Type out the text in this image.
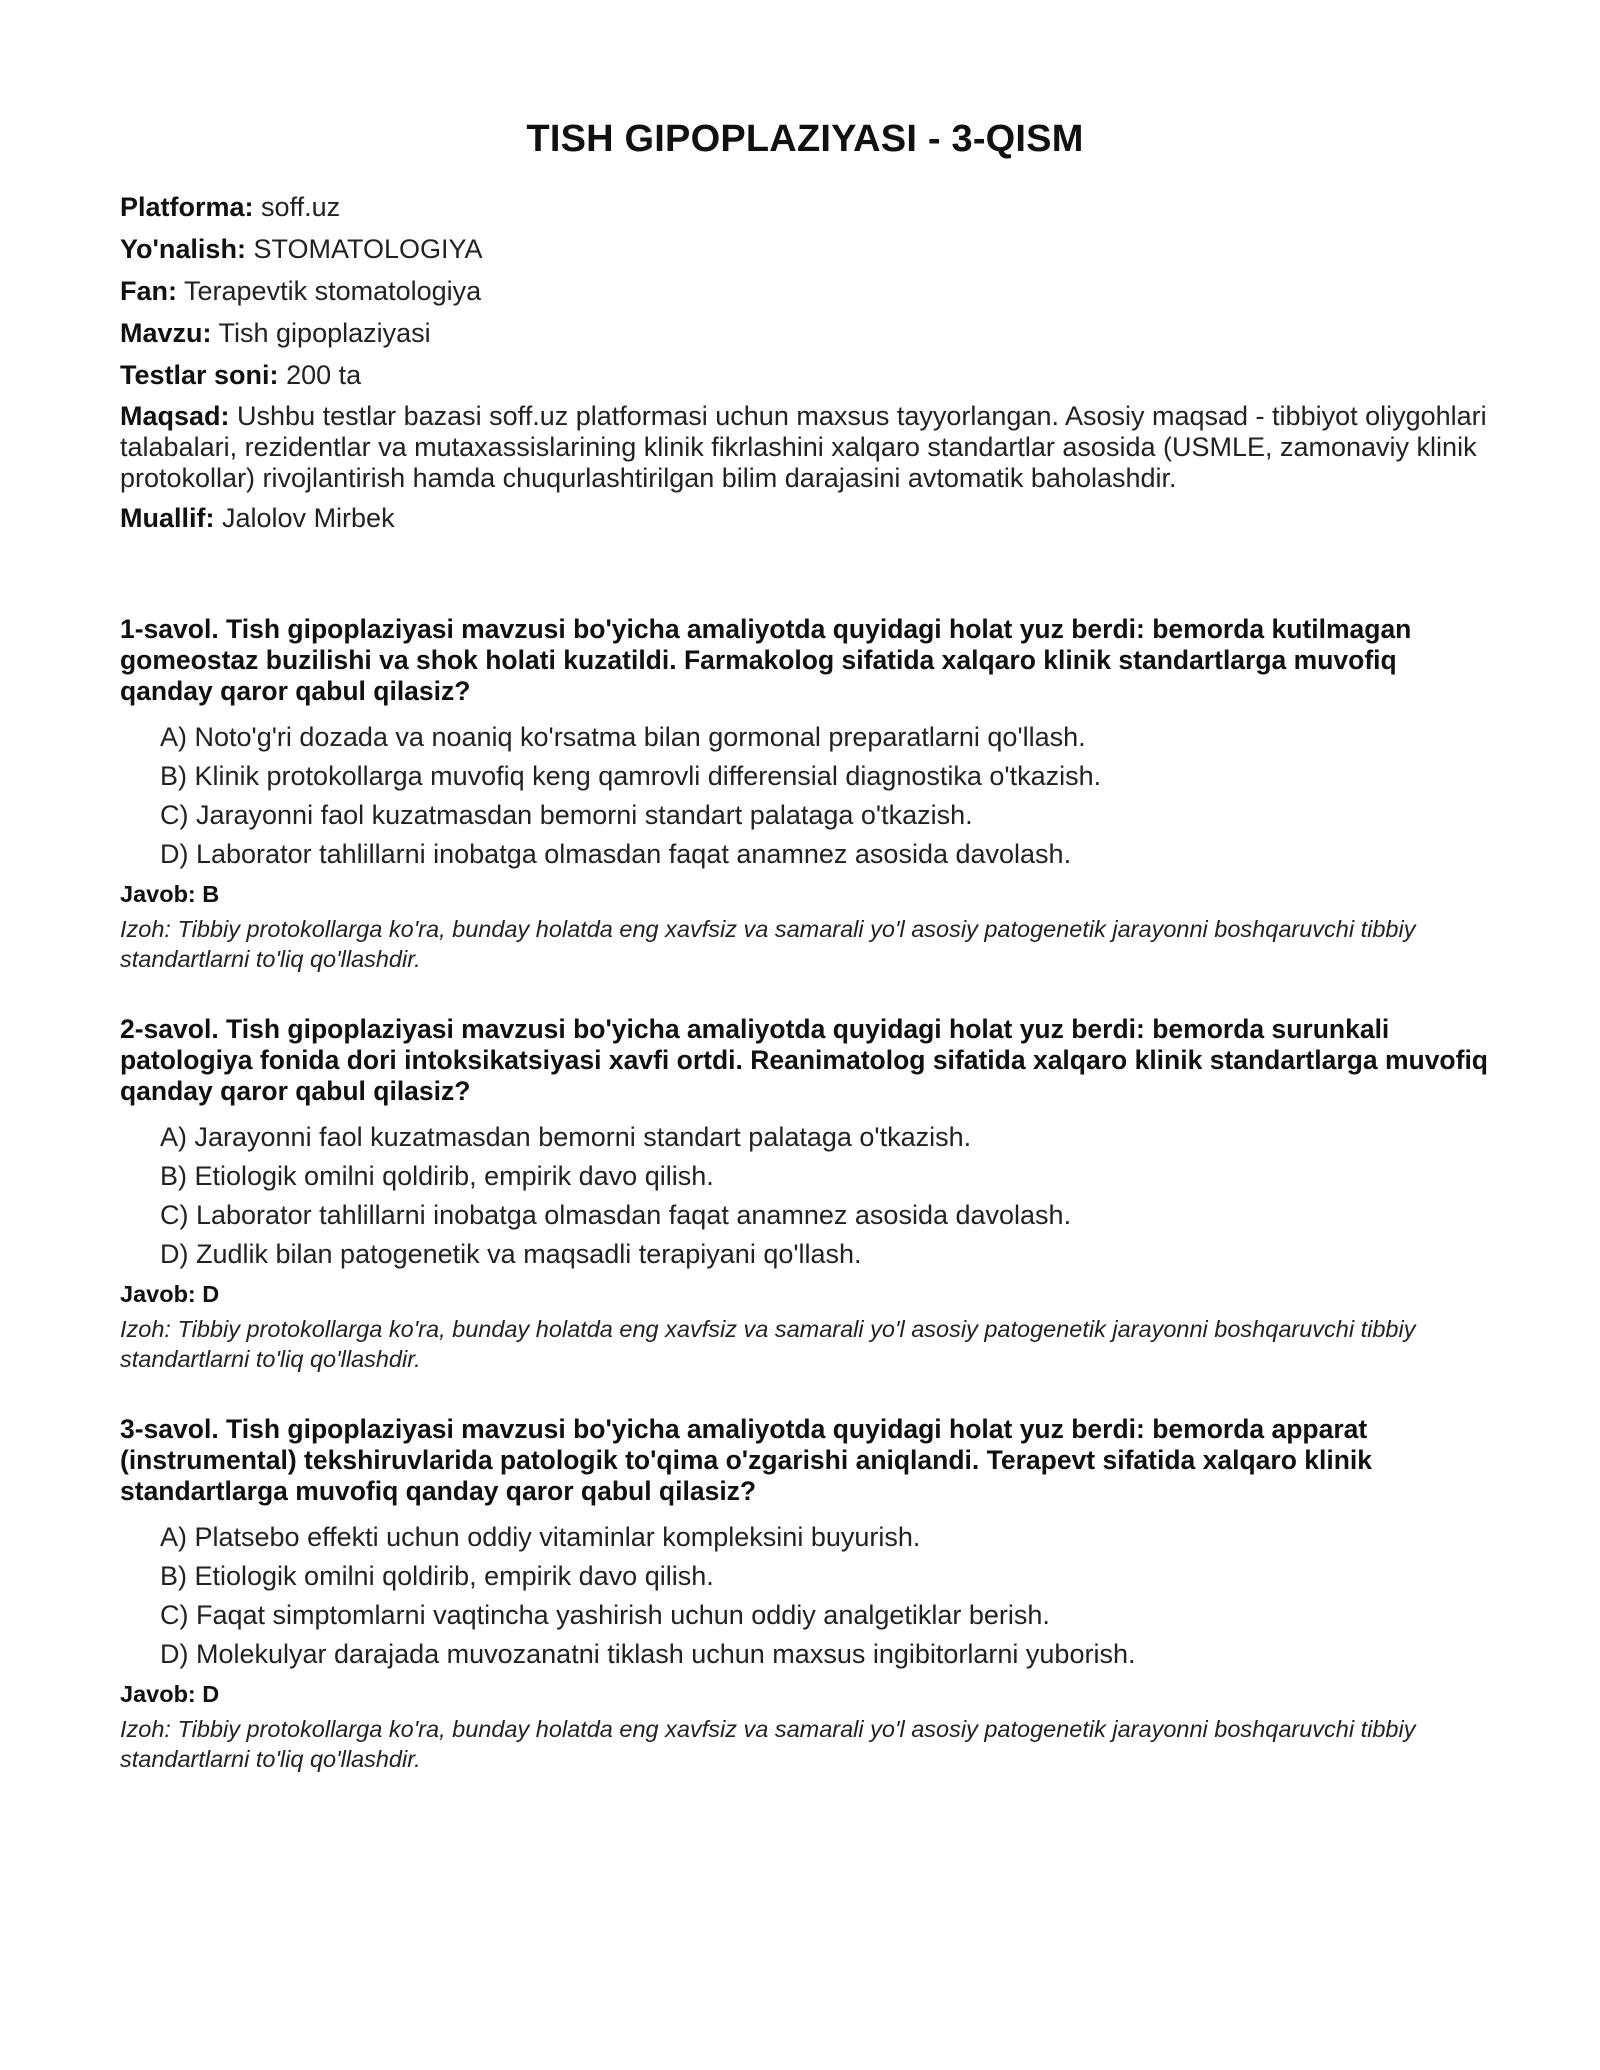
TISH GIPOPLAZIYASI - 3-QISM
Platforma: soff.uz
Yo'nalish: STOMATOLOGIYA
Fan: Terapevtik stomatologiya
Mavzu: Tish gipoplaziyasi
Testlar soni: 200 ta
Maqsad: Ushbu testlar bazasi soff.uz platformasi uchun maxsus tayyorlangan. Asosiy maqsad - tibbiyot oliygohlari talabalari, rezidentlar va mutaxassislarining klinik fikrlashini xalqaro standartlar asosida (USMLE, zamonaviy klinik protokollar) rivojlantirish hamda chuqurlashtirilgan bilim darajasini avtomatik baholashdir.
Muallif: Jalolov Mirbek
1-savol. Tish gipoplaziyasi mavzusi bo'yicha amaliyotda quyidagi holat yuz berdi: bemorda kutilmagan gomeostaz buzilishi va shok holati kuzatildi. Farmakolog sifatida xalqaro klinik standartlarga muvofiq qanday qaror qabul qilasiz?
A) Noto'g'ri dozada va noaniq ko'rsatma bilan gormonal preparatlarni qo'llash.
B) Klinik protokollarga muvofiq keng qamrovli differensial diagnostika o'tkazish.
C) Jarayonni faol kuzatmasdan bemorni standart palataga o'tkazish.
D) Laborator tahlillarni inobatga olmasdan faqat anamnez asosida davolash.
Javob: B
Izoh: Tibbiy protokollarga ko'ra, bunday holatda eng xavfsiz va samarali yo'l asosiy patogenetik jarayonni boshqaruvchi tibbiy standartlarni to'liq qo'llashdir.
2-savol. Tish gipoplaziyasi mavzusi bo'yicha amaliyotda quyidagi holat yuz berdi: bemorda surunkali patologiya fonida dori intoksikatsiyasi xavfi ortdi. Reanimatolog sifatida xalqaro klinik standartlarga muvofiq qanday qaror qabul qilasiz?
A) Jarayonni faol kuzatmasdan bemorni standart palataga o'tkazish.
B) Etiologik omilni qoldirib, empirik davo qilish.
C) Laborator tahlillarni inobatga olmasdan faqat anamnez asosida davolash.
D) Zudlik bilan patogenetik va maqsadli terapiyani qo'llash.
Javob: D
Izoh: Tibbiy protokollarga ko'ra, bunday holatda eng xavfsiz va samarali yo'l asosiy patogenetik jarayonni boshqaruvchi tibbiy standartlarni to'liq qo'llashdir.
3-savol. Tish gipoplaziyasi mavzusi bo'yicha amaliyotda quyidagi holat yuz berdi: bemorda apparat (instrumental) tekshiruvlarida patologik to'qima o'zgarishi aniqlandi. Terapevt sifatida xalqaro klinik standartlarga muvofiq qanday qaror qabul qilasiz?
A) Platsebo effekti uchun oddiy vitaminlar kompleksini buyurish.
B) Etiologik omilni qoldirib, empirik davo qilish.
C) Faqat simptomlarni vaqtincha yashirish uchun oddiy analgetiklar berish.
D) Molekulyar darajada muvozanatni tiklash uchun maxsus ingibitorlarni yuborish.
Javob: D
Izoh: Tibbiy protokollarga ko'ra, bunday holatda eng xavfsiz va samarali yo'l asosiy patogenetik jarayonni boshqaruvchi tibbiy standartlarni to'liq qo'llashdir.
